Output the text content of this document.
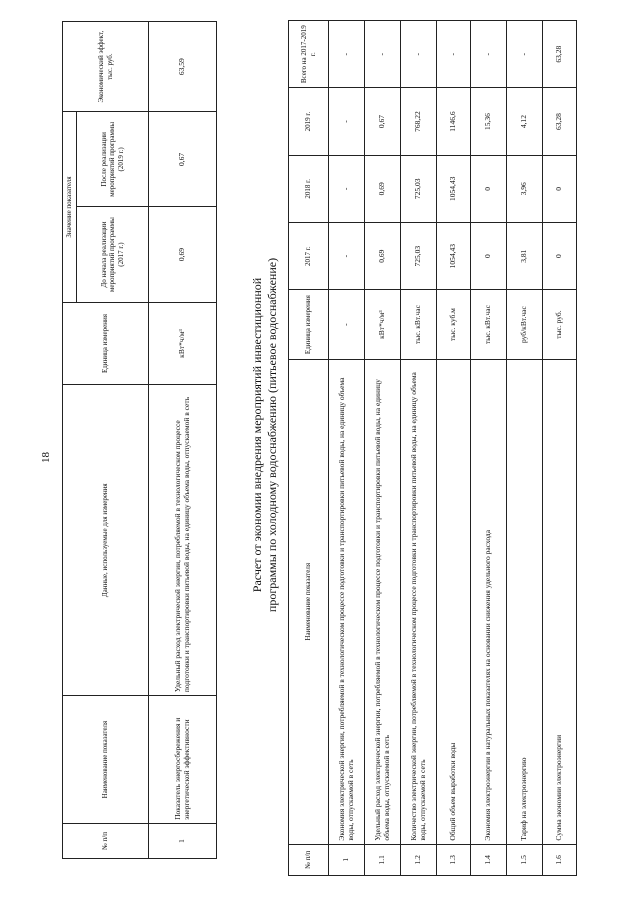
18
№ п/п	Наименование показателя	Данные, используемые для измерения	Единица измерения	Значение показателя		Экономический эффект, тыс. руб.
				До начала реализации мероприятий программы (2017 г.)	После реализации мероприятий программы (2019 г.)	
1	Показатель энергосбережения и энергетической эффективности	Удельный расход электрической энергии, потребляемой в технологическом процессе подготовки и транспортировки питьевой воды, на единицу объема воды, отпускаемой в сеть	кВт*ч/м³	0,69	0,67	63,59
Расчет от экономии внедрения мероприятий инвестиционной программы по холодному водоснабжению (питьевое водоснабжение)
№ п/п	Наименование показателя	Единица измерения	2017 г.	2018 г.	2019 г.	Всего на 2017-2019 г.
1	Экономия электрической энергии, потребляемой в технологическом процессе подготовки и транспортировки питьевой воды, на единицу объема воды, отпускаемой в сеть	-	-	-	-	-
1.1	Удельный расход электрической энергии, потребляемой в технологическом процессе подготовки и транспортировки питьевой воды, на единицу объема воды, отпускаемой в сеть	кВт*ч/м³	0,69	0,69	0,67	-
1.2	Количество электрической энергии, потребляемой в технологическом процессе подготовки и транспортировки питьевой воды, на единицу объема воды, отпускаемой в сеть	тыс. кВт.час	725,03	725,03	768,22	-
1.3	Общий объем выработки воды	тыс. куб.м	1054,43	1054,43	1146,6	-
1.4	Экономия электроэнергии в натуральных показателях на основании снижения удельного расхода	тыс. кВт.час	0	0	15,36	-
1.5	Тариф на электроэнергию	руб/кВт.час	3,81	3,96	4,12	-
1.6	Сумма экономии электроэнергии	тыс. руб.	0	0	63,28	63,28
